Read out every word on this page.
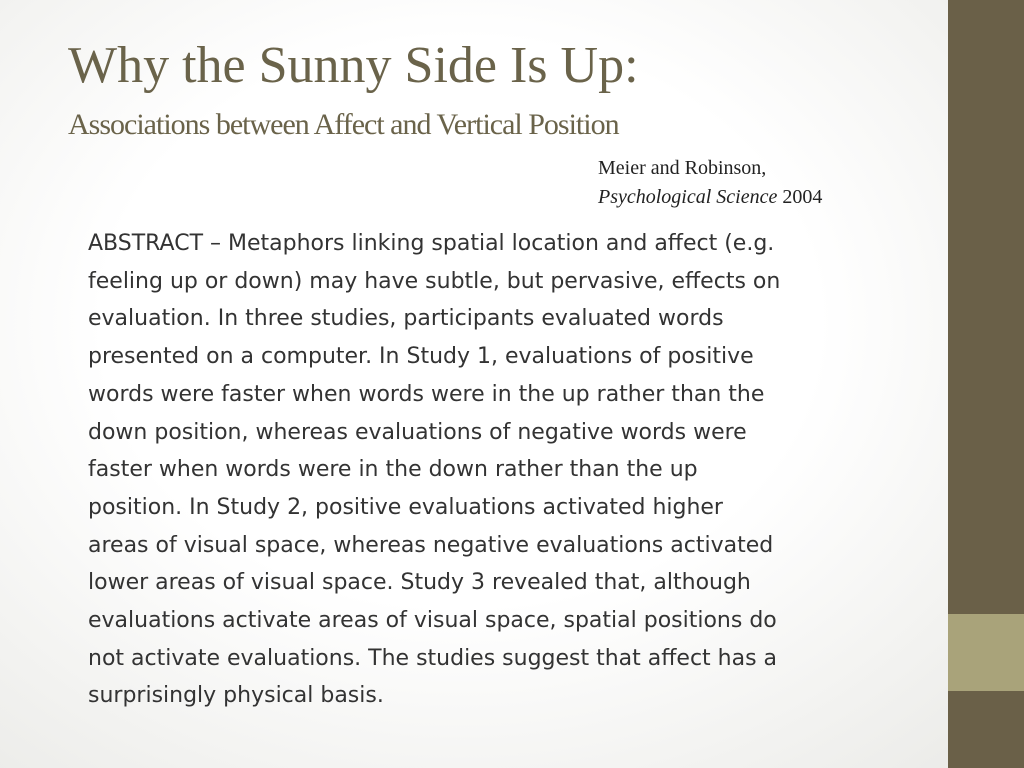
Why the Sunny Side Is Up:
Associations between Affect and Vertical Position
Meier and Robinson,
Psychological Science 2004
ABSTRACT – Metaphors linking spatial location and affect (e.g.
feeling up or down) may have subtle, but pervasive, effects on
evaluation. In three studies, participants evaluated words
presented on a computer. In Study 1, evaluations of positive
words were faster when words were in the up rather than the
down position, whereas evaluations of negative words were
faster when words were in the down rather than the up
position. In Study 2, positive evaluations activated higher
areas of visual space, whereas negative evaluations activated
lower areas of visual space. Study 3 revealed that, although
evaluations activate areas of visual space, spatial positions do
not activate evaluations. The studies suggest that affect has a
surprisingly physical basis.
